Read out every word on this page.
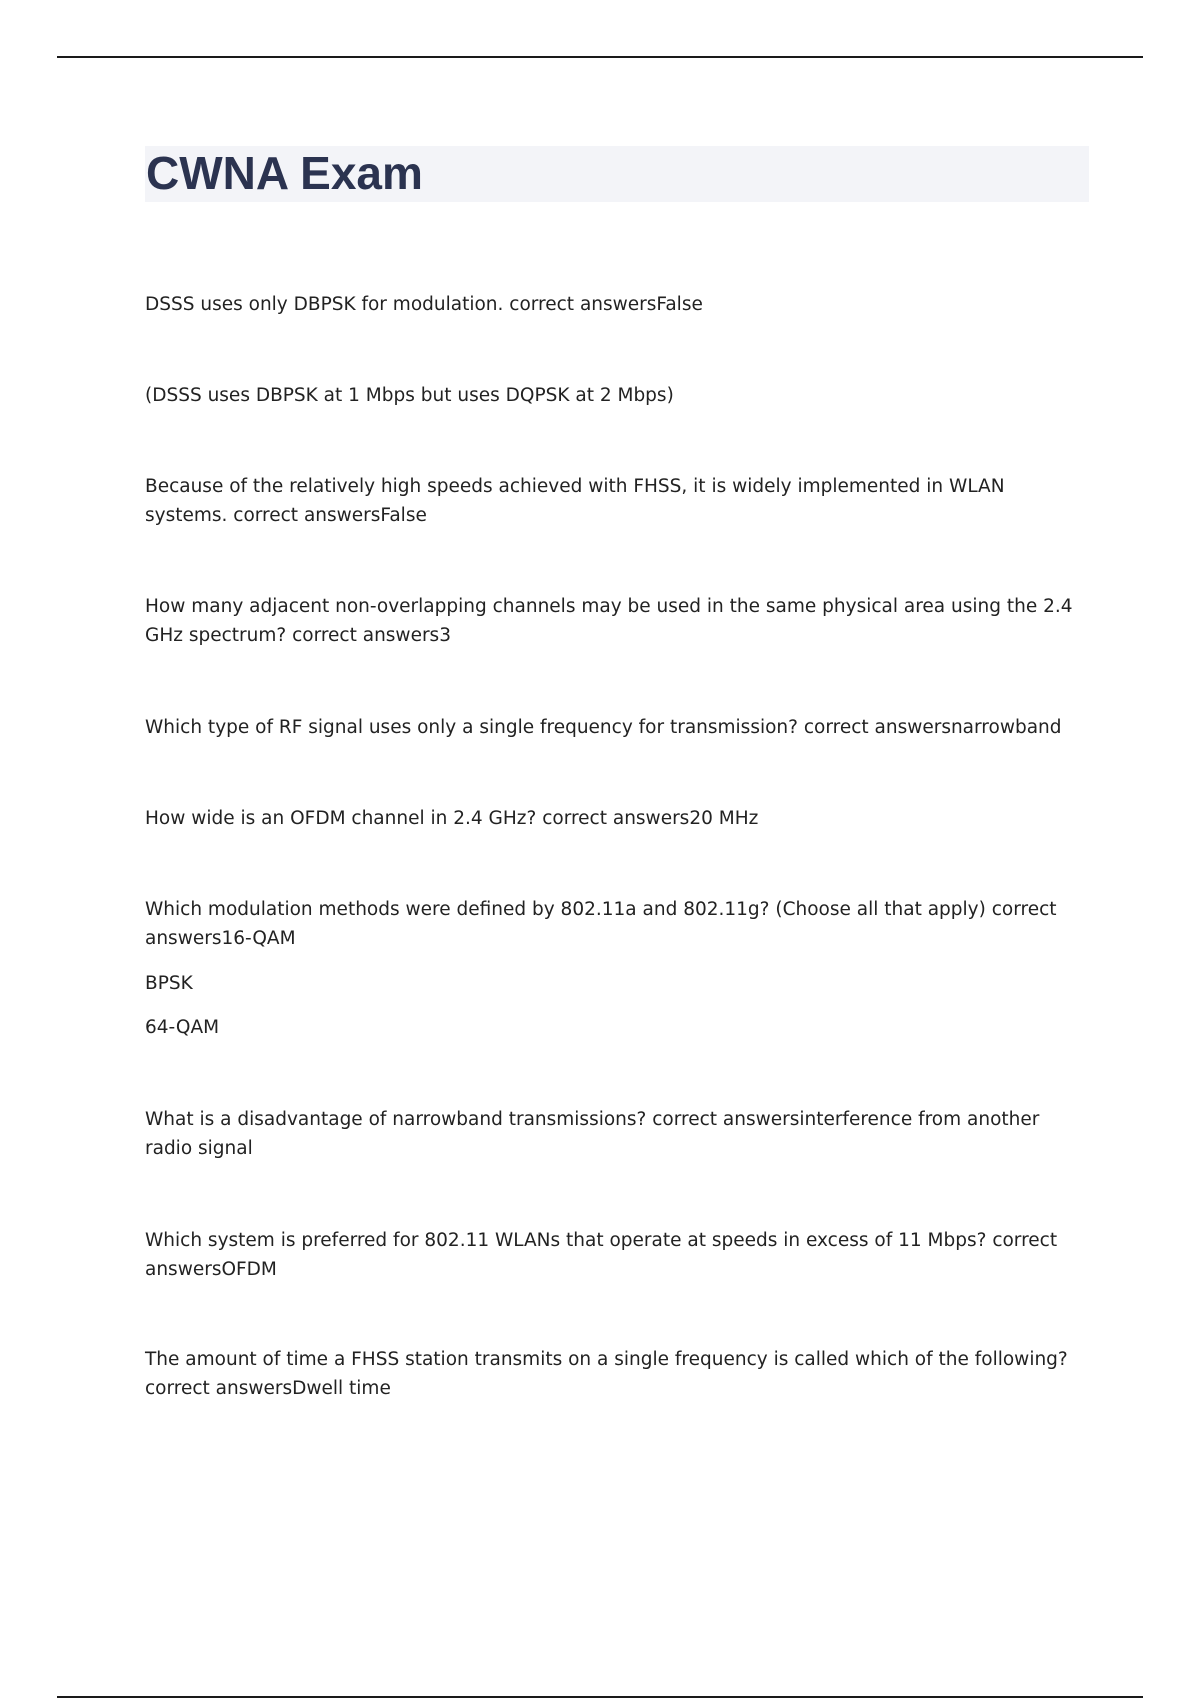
CWNA Exam

DSSS uses only DBPSK for modulation. correct answersFalse

(DSSS uses DBPSK at 1 Mbps but uses DQPSK at 2 Mbps)

Because of the relatively high speeds achieved with FHSS, it is widely implemented in WLAN systems. correct answersFalse

How many adjacent non-overlapping channels may be used in the same physical area using the 2.4 GHz spectrum? correct answers3

Which type of RF signal uses only a single frequency for transmission? correct answersnarrowband

How wide is an OFDM channel in 2.4 GHz? correct answers20 MHz

Which modulation methods were defined by 802.11a and 802.11g? (Choose all that apply) correct answers16-QAM

BPSK

64-QAM

What is a disadvantage of narrowband transmissions? correct answersinterference from another radio signal

Which system is preferred for 802.11 WLANs that operate at speeds in excess of 11 Mbps? correct answersOFDM

The amount of time a FHSS station transmits on a single frequency is called which of the following? correct answersDwell time
